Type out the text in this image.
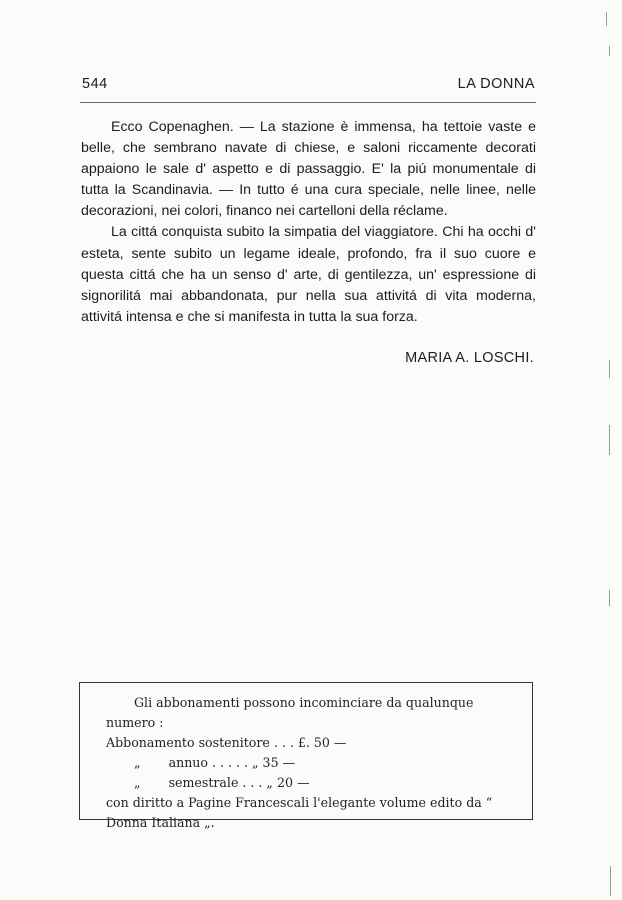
544	LA DONNA

Ecco Copenaghen. — La stazione è immensa, ha tettoie vaste e belle, che sembrano navate di chiese, e saloni riccamente decorati appaiono le sale d' aspetto e di passaggio. E' la piú monumentale di tutta la Scandinavia. — In tutto é una cura speciale, nelle linee, nelle decorazioni, nei colori, financo nei cartelloni della réclame.

La cittá conquista subito la simpatia del viaggiatore. Chi ha occhi d' esteta, sente subito un legame ideale, profondo, fra il suo cuore e questa cittá che ha un senso d' arte, di gentilezza, un' espressione di signorilitá mai abbandonata, pur nella sua attivitá di vita moderna, attivitá intensa e che si manifesta in tutta la sua forza.

MARIA A. LOSCHI.

Gli abbonamenti possono incominciare da qualunque numero :

Abbonamento sostenitore . . . £. 50 —

„       annuo . . . . . „ 35 —

„       semestrale . . . „ 20 —

con diritto a Pagine Francescali l'elegante volume edito da “ Donna Italiana „.
